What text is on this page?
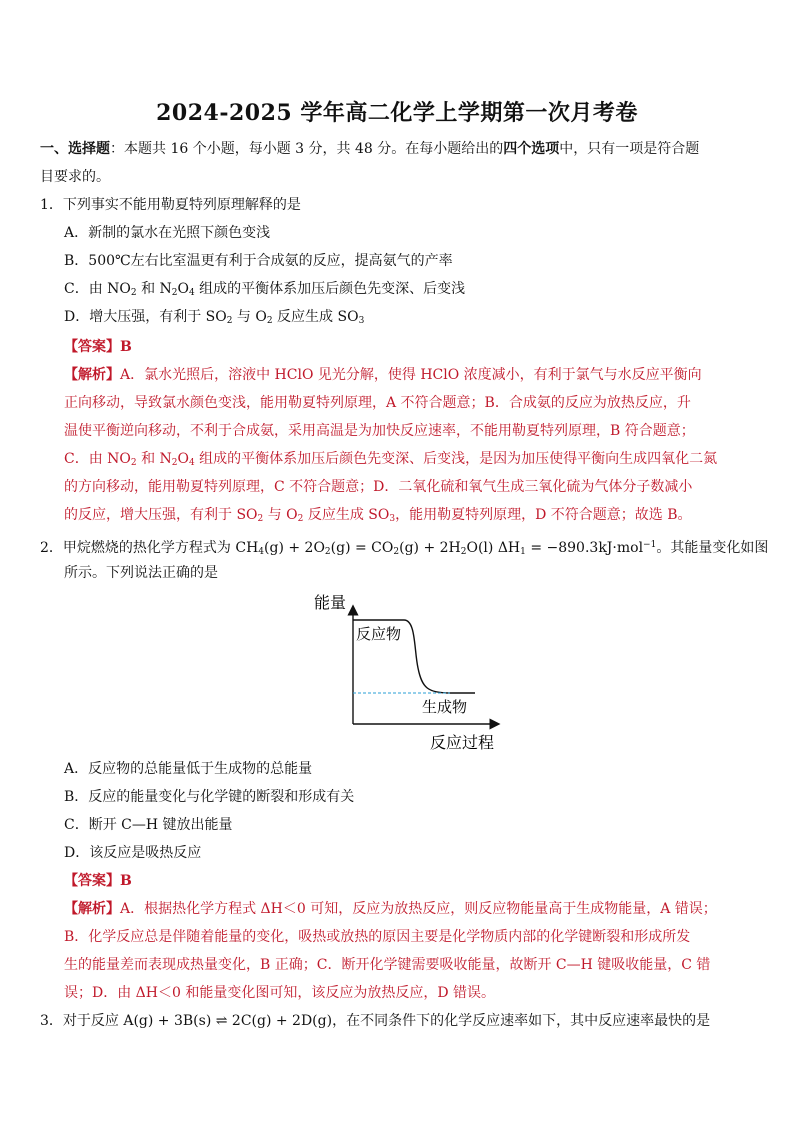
2024-2025 学年高二化学上学期第一次月考卷
一、选择题：本题共 16 个小题，每小题 3 分，共 48 分。在每小题给出的四个选项中，只有一项是符合题
目要求的。
1．下列事实不能用勒夏特列原理解释的是
A．新制的氯水在光照下颜色变浅
B．500℃左右比室温更有利于合成氨的反应，提高氨气的产率
C．由 $NO_2$ 和 $N_2O_4$ 组成的平衡体系加压后颜色先变深、后变浅
D．增大压强，有利于 $SO_2$ 与 $O_2$ 反应生成 $SO_3$
【答案】B
【解析】A．氯水光照后，溶液中 HClO 见光分解，使得 HClO 浓度减小，有利于氯气与水反应平衡向
正向移动，导致氯水颜色变浅，能用勒夏特列原理，A 不符合题意；B．合成氨的反应为放热反应，升
温使平衡逆向移动，不利于合成氨，采用高温是为加快反应速率，不能用勒夏特列原理，B 符合题意；
C．由 $NO_2$ 和 $N_2O_4$ 组成的平衡体系加压后颜色先变深、后变浅，是因为加压使得平衡向生成四氧化二氮
的方向移动，能用勒夏特列原理，C 不符合题意；D．二氧化硫和氧气生成三氧化硫为气体分子数减小
的反应，增大压强，有利于 $SO_2$ 与 $O_2$ 反应生成 $SO_3$，能用勒夏特列原理，D 不符合题意；故选 B。
2．甲烷燃烧的热化学方程式为 $CH_4(g) + 2O_2(g) = CO_2(g) + 2H_2O(l) \Delta H_1 = -890.3kJ\cdot mol^{-1}$。其能量变化如图
所示。下列说法正确的是
能量
反应物
生成物
反应过程
A．反应物的总能量低于生成物的总能量
B．反应的能量变化与化学键的断裂和形成有关
C．断开 C—H 键放出能量
D．该反应是吸热反应
【答案】B
【解析】A．根据热化学方程式 ΔH＜0 可知，反应为放热反应，则反应物能量高于生成物能量，A 错误；
B．化学反应总是伴随着能量的变化，吸热或放热的原因主要是化学物质内部的化学键断裂和形成所发
生的能量差而表现成热量变化，B 正确；C．断开化学键需要吸收能量，故断开 C—H 键吸收能量，C 错
误；D．由 ΔH＜0 和能量变化图可知，该反应为放热反应，D 错误。
3．对于反应 A(g) + 3B(s) ⇌ 2C(g) + 2D(g)，在不同条件下的化学反应速率如下，其中反应速率最快的是
